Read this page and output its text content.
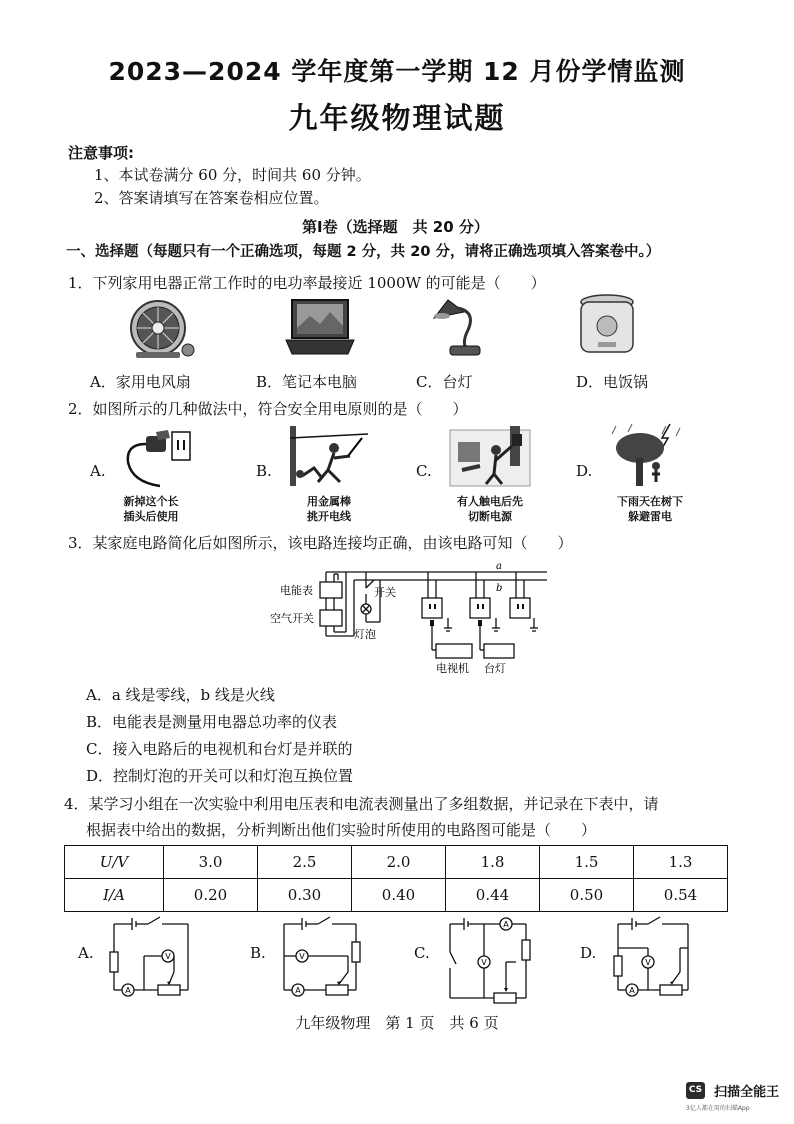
2023—2024 学年度第一学期 12 月份学情监测
九年级物理试题
注意事项:
1、本试卷满分 60 分，时间共 60 分钟。
2、答案请填写在答案卷相应位置。
第Ⅰ卷（选择题　共 20 分）
一、选择题（每题只有一个正确选项，每题 2 分，共 20 分，请将正确选项填入答案卷中。）
1．下列家用电器正常工作时的电功率最接近 1000W 的可能是（　　）
A．家用电风扇	B．笔记本电脑	C．台灯	D．电饭锅
2．如图所示的几种做法中，符合安全用电原则的是（　　）
A.
新掉这个长
插头后使用
B.
用金属棒
挑开电线
C.
有人触电后先
切断电源
D.
下雨天在树下
躲避雷电
3．某家庭电路简化后如图所示，该电路连接均正确，由该电路可知（　　）
电能表
空气开关
开关
灯泡
电视机 台灯
a
b
A．a 线是零线，b 线是火线
B．电能表是测量用电器总功率的仪表
C．接入电路后的电视机和台灯是并联的
D．控制灯泡的开关可以和灯泡互换位置
4．某学习小组在一次实验中利用电压表和电流表测量出了多组数据，并记录在下表中，请
根据表中给出的数据，分析判断出他们实验时所使用的电路图可能是（　　）
U/V	3.0	2.5	2.0	1.8	1.5	1.3
I/A	0.20	0.30	0.40	0.44	0.50	0.54
A.	B.	C.	D.
A
V
A
V
A
V
A
V
九年级物理　第 1 页　共 6 页
CS 扫描全能王
3亿人都在用的扫描App
